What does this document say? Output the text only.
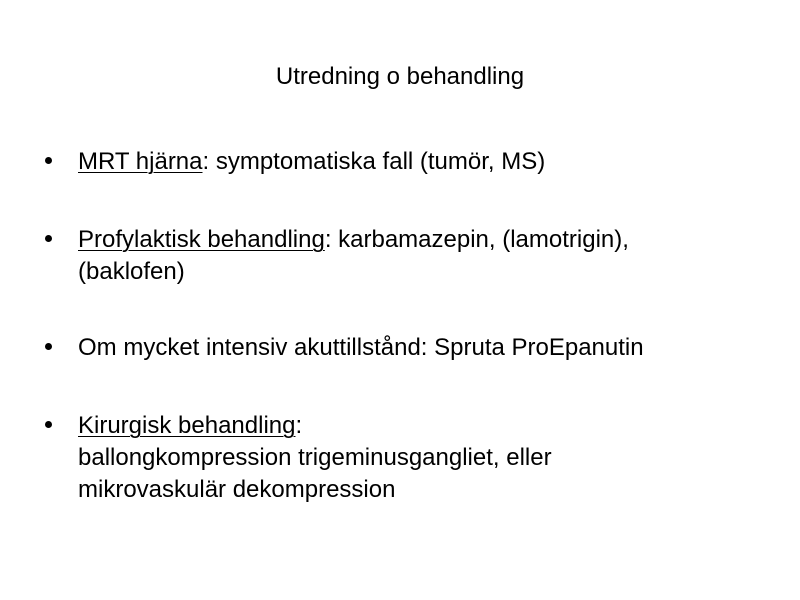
Utredning o behandling
MRT hjärna: symptomatiska fall (tumör, MS)
Profylaktisk behandling: karbamazepin, (lamotrigin),
(baklofen)
Om mycket intensiv akuttillstånd: Spruta ProEpanutin
Kirurgisk behandling:
ballongkompression trigeminusgangliet, eller
mikrovaskulär dekompression
